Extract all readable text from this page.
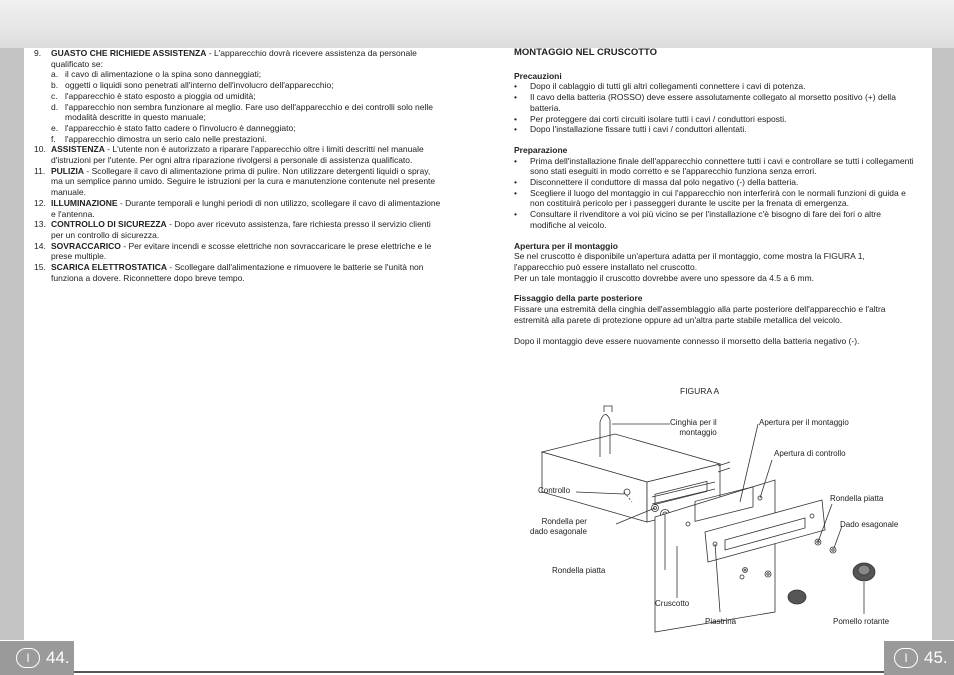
I 44.	I 45.
9.	GUASTO CHE RICHIEDE ASSISTENZA - L'apparecchio dovrà ricevere assistenza da personale qualificato se:
a. il cavo di alimentazione o la spina sono danneggiati;
b. oggetti o liquidi sono penetrati all'interno dell'involucro dell'apparecchio;
c. l'apparecchio è stato esposto a pioggia od umidità;
d. l'apparecchio non sembra funzionare al meglio. Fare uso dell'apparecchio e dei controlli solo nelle modalità descritte in questo manuale;
e. l'apparecchio è stato fatto cadere o l'involucro è danneggiato;
f.	l'apparecchio dimostra un serio calo nelle prestazioni.
10. ASSISTENZA - L'utente non è autorizzato a riparare l'apparecchio oltre i limiti descritti nel manuale d'istruzioni per l'utente. Per ogni altra riparazione rivolgersi a personale di assistenza qualificato.
11. PULIZIA - Scollegare il cavo di alimentazione prima di pulire. Non utilizzare detergenti liquidi o spray, ma un semplice panno umido. Seguire le istruzioni per la cura e manutenzione contenute nel presente manuale.
12. ILLUMINAZIONE - Durante temporali e lunghi periodi di non utilizzo, scollegare il cavo di alimentazione e l'antenna.
13. CONTROLLO DI SICUREZZA - Dopo aver ricevuto assistenza, fare richiesta presso il servizio clienti per un controllo di sicurezza.
14. SOVRACCARICO - Per evitare incendi e scosse elettriche non sovraccaricare le prese elettriche e le prese multiple.
15. SCARICA ELETTROSTATICA - Scollegare dall'alimentazione e rimuovere le batterie se l'unità non funziona a dovere. Riconnettere dopo breve tempo.
MONTAGGIO NEL CRUSCOTTO
Precauzioni
•	Dopo il cablaggio di tutti gli altri collegamenti connettere i cavi di potenza.
•	Il cavo della batteria (ROSSO) deve essere assolutamente collegato al morsetto positivo (+) della batteria.
•	Per proteggere dai corti circuiti isolare tutti i cavi / conduttori esposti.
•	Dopo l'installazione fissare tutti i cavi / conduttori allentati.
Preparazione
•	Prima dell'installazione finale dell'apparecchio connettere tutti i cavi e controllare se tutti i collegamenti sono stati eseguiti in modo corretto e se l'apparecchio funziona senza errori.
•	Disconnettere il conduttore di massa dal polo negativo (-) della batteria.
•	Scegliere il luogo del montaggio in cui l'apparecchio non interferirà con le normali funzioni di guida e non costituirà pericolo per i passeggeri durante le uscite per la frenata di emergenza.
•	Consultare il rivenditore a voi più vicino se per l'installazione c'è bisogno di fare dei fori o altre modifiche al veicolo.
Apertura per il montaggio
Se nel cruscotto è disponibile un'apertura adatta per il montaggio, come mostra la FIGURA 1, l'apparecchio può essere installato nel cruscotto.
Per un tale montaggio il cruscotto dovrebbe avere uno spessore da 4.5 a 6 mm.
Fissaggio della parte posteriore
Fissare una estremità della cinghia dell'assemblaggio alla parte posteriore dell'apparecchio e l'altra estremità alla parete di protezione oppure ad un'altra parte stabile metallica del veicolo.
Dopo il montaggio deve essere nuovamente connesso il morsetto della batteria negativo (-).
FIGURA A
Cinghia per il
montaggio
Apertura per il montaggio
Apertura di controllo
Controllo
Rondella per
dado esagonale
Rondella piatta
Rondella piatta
Dado esagonale
Cruscotto
Piastrina	Pomello rotante
